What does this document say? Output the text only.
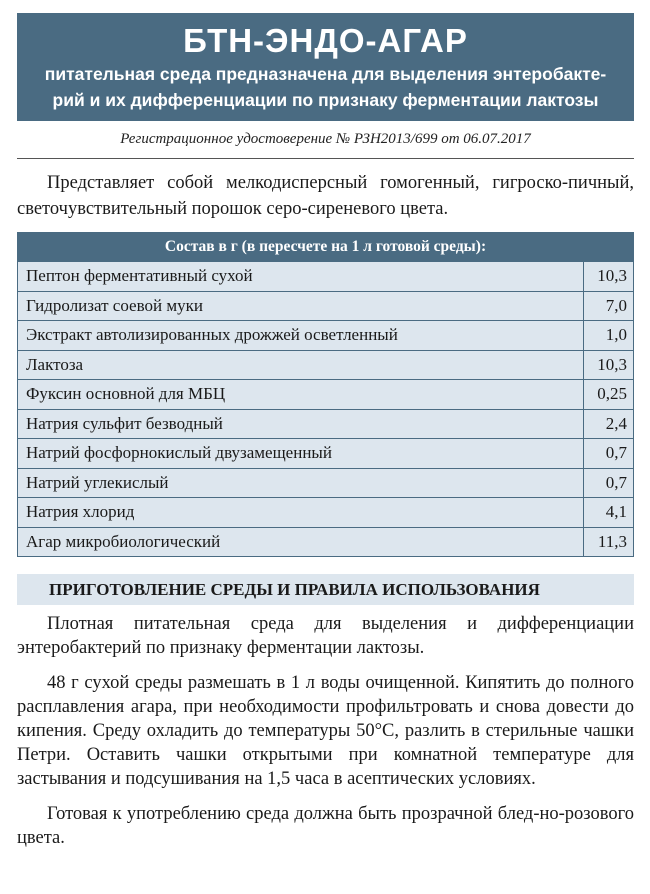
БТН-ЭНДО-АГАР
питательная среда предназначена для выделения энтеробакте-
рий и их дифференциации по признаку ферментации лактозы
Регистрационное удостоверение № РЗН2013/699 от 06.07.2017
Представляет собой мелкодисперсный гомогенный, гигроско-пичный, светочувствительный порошок серо-сиреневого цвета.
Состав в г (в пересчете на 1 л готовой среды):
Пептон ферментативный сухой	10,3
Гидролизат соевой муки	7,0
Экстракт автолизированных дрожжей осветленный	1,0
Лактоза	10,3
Фуксин основной для МБЦ	0,25
Натрия сульфит безводный	2,4
Натрий фосфорнокислый двузамещенный	0,7
Натрий углекислый	0,7
Натрия хлорид	4,1
Агар микробиологический	11,3
ПРИГОТОВЛЕНИЕ СРЕДЫ И ПРАВИЛА ИСПОЛЬЗОВАНИЯ

Плотная питательная среда для выделения и дифференциации энтеробактерий по признаку ферментации лактозы.

48 г сухой среды размешать в 1 л воды очищенной. Кипятить до полного расплавления агара, при необходимости профильтровать и снова довести до кипения. Среду охладить до температуры 50°С, разлить в стерильные чашки Петри. Оставить чашки открытыми при комнатной температуре для застывания и подсушивания на 1,5 часа в асептических условиях.

Готовая к употреблению среда должна быть прозрачной блед-но-розового цвета.
